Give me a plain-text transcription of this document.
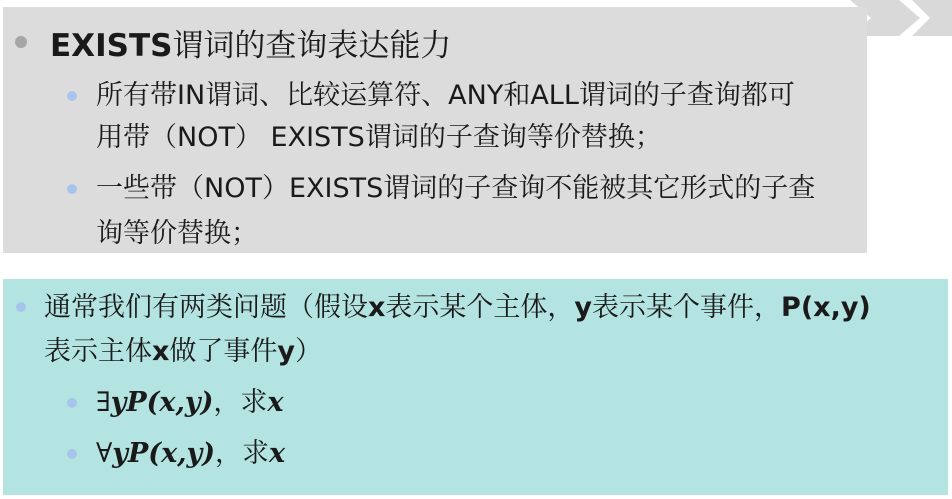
EXISTS谓词的查询表达能力
所有带IN谓词、比较运算符、ANY和ALL谓词的子查询都可
用带（NOT） EXISTS谓词的子查询等价替换；
一些带（NOT）EXISTS谓词的子查询不能被其它形式的子查
询等价替换；
通常我们有两类问题（假设x表示某个主体，y表示某个事件，P(x,y)
表示主体x做了事件y）
∃yP(x,y)，求x
∀yP(x,y)，求x
